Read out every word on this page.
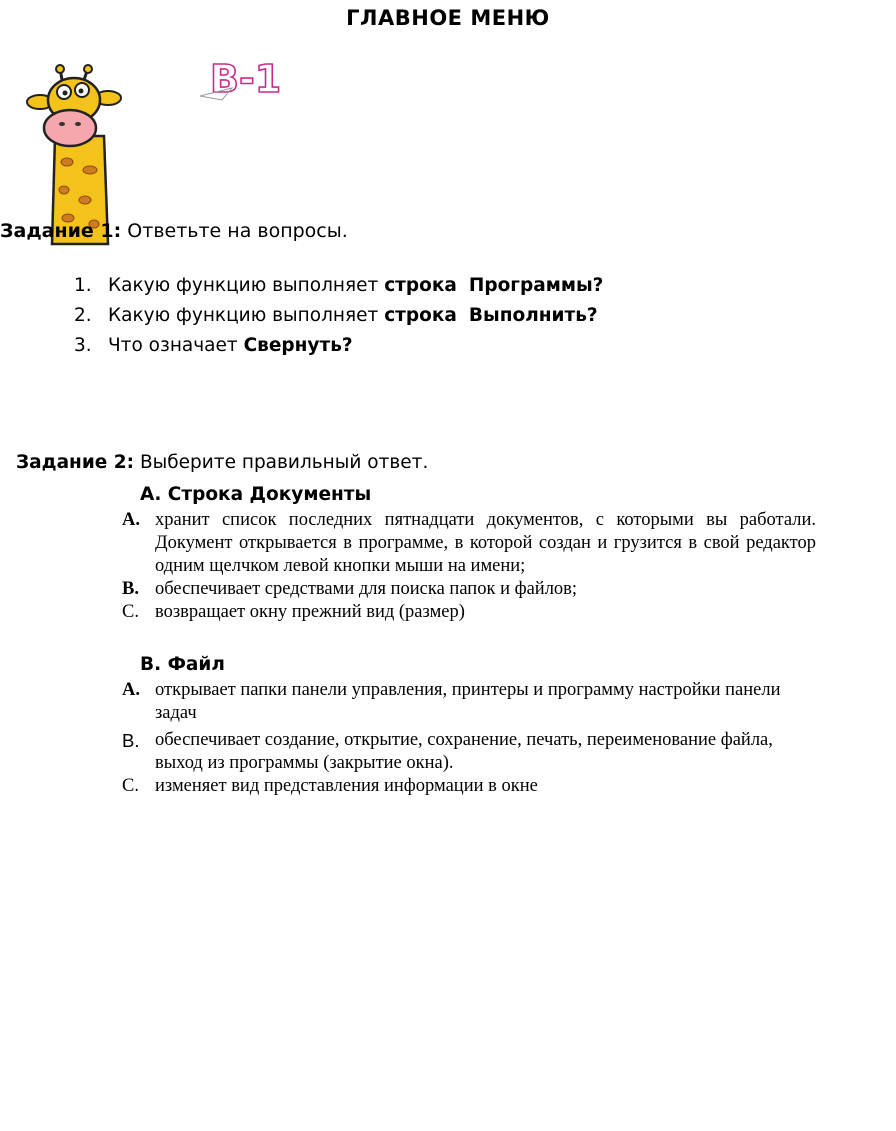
ГЛАВНОЕ МЕНЮ
В-1
Задание 1: Ответьте на вопросы.
1. Какую функцию выполняет строка Программы?
2. Какую функцию выполняет строка Выполнить?
3. Что означает Свернуть?
Задание 2: Выберите правильный ответ.
А. Строка Документы
А. хранит список последних пятнадцати документов, с которыми вы работали. Документ открывается в программе, в которой создан и грузится в свой редактор одним щелчком левой кнопки мыши на имени;
В. обеспечивает средствами для поиска папок и файлов;
С. возвращает окну прежний вид (размер)
В. Файл
А. открывает папки панели управления, принтеры и программу настройки панели задач
В. обеспечивает создание, открытие, сохранение, печать, переименование файла, выход из программы (закрытие окна).
С. изменяет вид представления информации в окне
